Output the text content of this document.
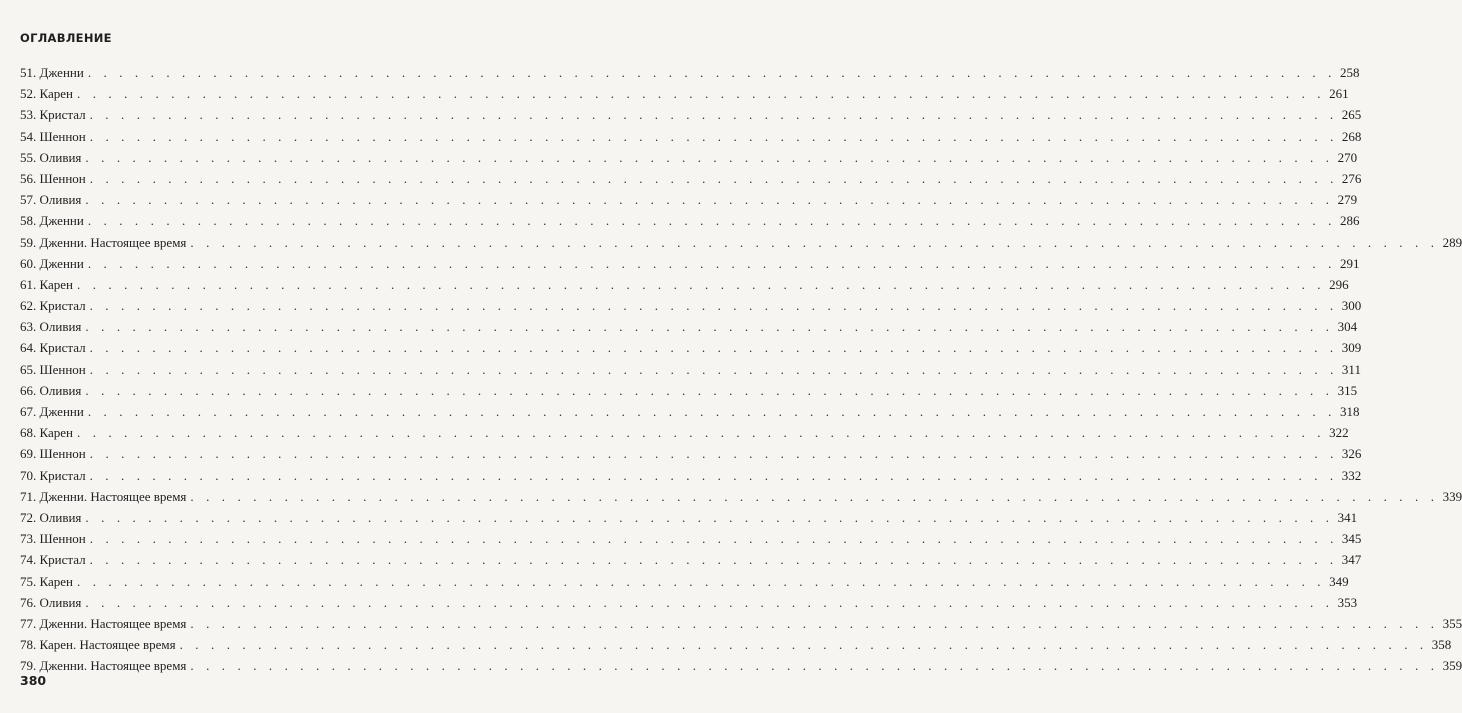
ОГЛАВЛЕНИЕ
51. Дженни . . . . . . . . . . . . . . . . . . . . . . . . . . . . . . . . . . . . . . . . . . . . . . . . . . . . . . . . . . . . . . . . . . . . . . . . . . . . . . . . 258
52. Карен . . . . . . . . . . . . . . . . . . . . . . . . . . . . . . . . . . . . . . . . . . . . . . . . . . . . . . . . . . . . . . . . . . . . . . . . . . . . . . . . 261
53. Кристал . . . . . . . . . . . . . . . . . . . . . . . . . . . . . . . . . . . . . . . . . . . . . . . . . . . . . . . . . . . . . . . . . . . . . . . . . . . . . . . . 265
54. Шеннон . . . . . . . . . . . . . . . . . . . . . . . . . . . . . . . . . . . . . . . . . . . . . . . . . . . . . . . . . . . . . . . . . . . . . . . . . . . . . . . . 268
55. Оливия . . . . . . . . . . . . . . . . . . . . . . . . . . . . . . . . . . . . . . . . . . . . . . . . . . . . . . . . . . . . . . . . . . . . . . . . . . . . . . . . 270
56. Шеннон . . . . . . . . . . . . . . . . . . . . . . . . . . . . . . . . . . . . . . . . . . . . . . . . . . . . . . . . . . . . . . . . . . . . . . . . . . . . . . . . 276
57. Оливия . . . . . . . . . . . . . . . . . . . . . . . . . . . . . . . . . . . . . . . . . . . . . . . . . . . . . . . . . . . . . . . . . . . . . . . . . . . . . . . . 279
58. Дженни . . . . . . . . . . . . . . . . . . . . . . . . . . . . . . . . . . . . . . . . . . . . . . . . . . . . . . . . . . . . . . . . . . . . . . . . . . . . . . . . 286
59. Дженни. Настоящее время . . . . . . . . . . . . . . . . . . . . . . . . . . . . . . . . . . . . . . . . . . . . . . . . . . . . . . . . . . . . . . . . . . . . . . . . . . . . . . . . 289
60. Дженни . . . . . . . . . . . . . . . . . . . . . . . . . . . . . . . . . . . . . . . . . . . . . . . . . . . . . . . . . . . . . . . . . . . . . . . . . . . . . . . . 291
61. Карен . . . . . . . . . . . . . . . . . . . . . . . . . . . . . . . . . . . . . . . . . . . . . . . . . . . . . . . . . . . . . . . . . . . . . . . . . . . . . . . . 296
62. Кристал . . . . . . . . . . . . . . . . . . . . . . . . . . . . . . . . . . . . . . . . . . . . . . . . . . . . . . . . . . . . . . . . . . . . . . . . . . . . . . . . 300
63. Оливия . . . . . . . . . . . . . . . . . . . . . . . . . . . . . . . . . . . . . . . . . . . . . . . . . . . . . . . . . . . . . . . . . . . . . . . . . . . . . . . . 304
64. Кристал . . . . . . . . . . . . . . . . . . . . . . . . . . . . . . . . . . . . . . . . . . . . . . . . . . . . . . . . . . . . . . . . . . . . . . . . . . . . . . . . 309
65. Шеннон . . . . . . . . . . . . . . . . . . . . . . . . . . . . . . . . . . . . . . . . . . . . . . . . . . . . . . . . . . . . . . . . . . . . . . . . . . . . . . . . 311
66. Оливия . . . . . . . . . . . . . . . . . . . . . . . . . . . . . . . . . . . . . . . . . . . . . . . . . . . . . . . . . . . . . . . . . . . . . . . . . . . . . . . . 315
67. Дженни . . . . . . . . . . . . . . . . . . . . . . . . . . . . . . . . . . . . . . . . . . . . . . . . . . . . . . . . . . . . . . . . . . . . . . . . . . . . . . . . 318
68. Карен . . . . . . . . . . . . . . . . . . . . . . . . . . . . . . . . . . . . . . . . . . . . . . . . . . . . . . . . . . . . . . . . . . . . . . . . . . . . . . . . 322
69. Шеннон . . . . . . . . . . . . . . . . . . . . . . . . . . . . . . . . . . . . . . . . . . . . . . . . . . . . . . . . . . . . . . . . . . . . . . . . . . . . . . . . 326
70. Кристал . . . . . . . . . . . . . . . . . . . . . . . . . . . . . . . . . . . . . . . . . . . . . . . . . . . . . . . . . . . . . . . . . . . . . . . . . . . . . . . . 332
71. Дженни. Настоящее время . . . . . . . . . . . . . . . . . . . . . . . . . . . . . . . . . . . . . . . . . . . . . . . . . . . . . . . . . . . . . . . . . . . . . . . . . . . . . . . . 339
72. Оливия . . . . . . . . . . . . . . . . . . . . . . . . . . . . . . . . . . . . . . . . . . . . . . . . . . . . . . . . . . . . . . . . . . . . . . . . . . . . . . . . 341
73. Шеннон . . . . . . . . . . . . . . . . . . . . . . . . . . . . . . . . . . . . . . . . . . . . . . . . . . . . . . . . . . . . . . . . . . . . . . . . . . . . . . . . 345
74. Кристал . . . . . . . . . . . . . . . . . . . . . . . . . . . . . . . . . . . . . . . . . . . . . . . . . . . . . . . . . . . . . . . . . . . . . . . . . . . . . . . . 347
75. Карен . . . . . . . . . . . . . . . . . . . . . . . . . . . . . . . . . . . . . . . . . . . . . . . . . . . . . . . . . . . . . . . . . . . . . . . . . . . . . . . . 349
76. Оливия . . . . . . . . . . . . . . . . . . . . . . . . . . . . . . . . . . . . . . . . . . . . . . . . . . . . . . . . . . . . . . . . . . . . . . . . . . . . . . . . 353
77. Дженни. Настоящее время . . . . . . . . . . . . . . . . . . . . . . . . . . . . . . . . . . . . . . . . . . . . . . . . . . . . . . . . . . . . . . . . . . . . . . . . . . . . . . . . 355
78. Карен. Настоящее время . . . . . . . . . . . . . . . . . . . . . . . . . . . . . . . . . . . . . . . . . . . . . . . . . . . . . . . . . . . . . . . . . . . . . . . . . . . . . . . . 358
79. Дженни. Настоящее время . . . . . . . . . . . . . . . . . . . . . . . . . . . . . . . . . . . . . . . . . . . . . . . . . . . . . . . . . . . . . . . . . . . . . . . . . . . . . . . . 359

380
